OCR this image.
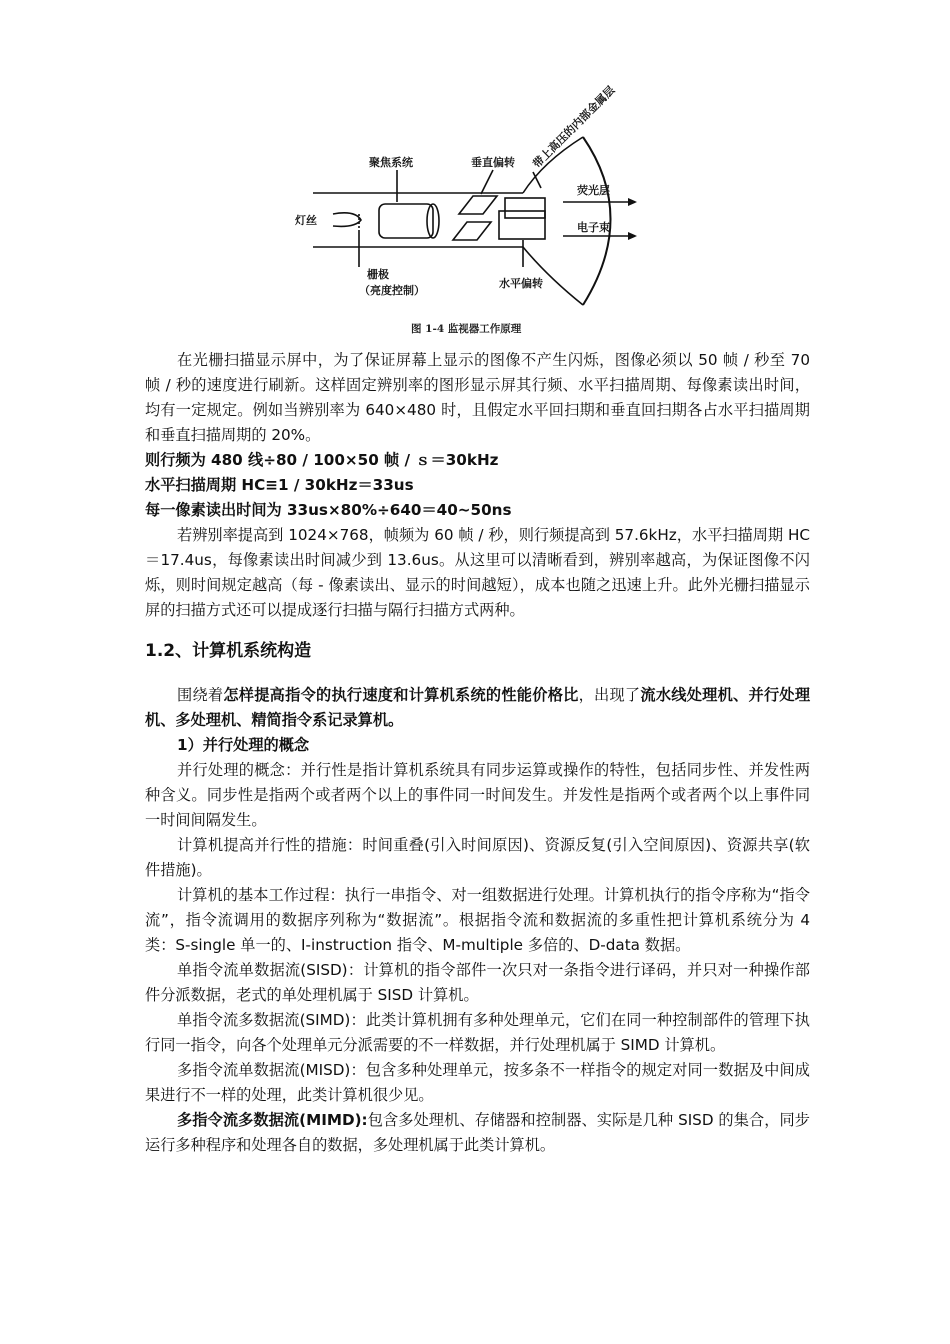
聚焦系统	垂直偏转 带上高压的内部金属层
荧光层
电子束
灯丝
栅极
（亮度控制）
水平偏转
图 1-4 监视器工作原理

在光栅扫描显示屏中，为了保证屏幕上显示的图像不产生闪烁，图像必须以 50 帧 / 秒至 70 帧 / 秒的速度进行刷新。这样固定辨别率的图形显示屏其行频、水平扫描周期、每像素读出时间，均有一定规定。例如当辨别率为 640×480 时，且假定水平回扫期和垂直回扫期各占水平扫描周期和垂直扫描周期的 20%。

则行频为 480 线÷80 / 100×50 帧 / ｓ＝30kHz

水平扫描周期 HC≡1 / 30kHz＝33us

每一像素读出时间为 33us×80%÷640＝40~50ns

若辨别率提高到 1024×768，帧频为 60 帧 / 秒，则行频提高到 57.6kHz，水平扫描周期 HC＝17.4us，每像素读出时间减少到 13.6us。从这里可以清晰看到，辨别率越高，为保证图像不闪烁，则时间规定越高（每 - 像素读出、显示的时间越短），成本也随之迅速上升。此外光栅扫描显示屏的扫描方式还可以提成逐行扫描与隔行扫描方式两种。

1.2、计算机系统构造

围绕着怎样提高指令的执行速度和计算机系统的性能价格比，出现了流水线处理机、并行处理机、多处理机、精简指令系记录算机。

1）并行处理的概念

并行处理的概念：并行性是指计算机系统具有同步运算或操作的特性，包括同步性、并发性两种含义。同步性是指两个或者两个以上的事件同一时间发生。并发性是指两个或者两个以上事件同一时间间隔发生。

计算机提高并行性的措施：时间重叠(引入时间原因)、资源反复(引入空间原因)、资源共享(软件措施)。

计算机的基本工作过程：执行一串指令、对一组数据进行处理。计算机执行的指令序称为“指令流”，指令流调用的数据序列称为“数据流”。根据指令流和数据流的多重性把计算机系统分为 4 类：S-single 单一的、I-instruction 指令、M-multiple 多倍的、D-data 数据。

单指令流单数据流(SISD)：计算机的指令部件一次只对一条指令进行译码，并只对一种操作部件分派数据，老式的单处理机属于 SISD 计算机。

单指令流多数据流(SIMD)：此类计算机拥有多种处理单元，它们在同一种控制部件的管理下执行同一指令，向各个处理单元分派需要的不一样数据，并行处理机属于 SIMD 计算机。

多指令流单数据流(MISD)：包含多种处理单元，按多条不一样指令的规定对同一数据及中间成果进行不一样的处理，此类计算机很少见。

多指令流多数据流(MIMD):包含多处理机、存储器和控制器、实际是几种 SISD 的集合，同步运行多种程序和处理各自的数据，多处理机属于此类计算机。
